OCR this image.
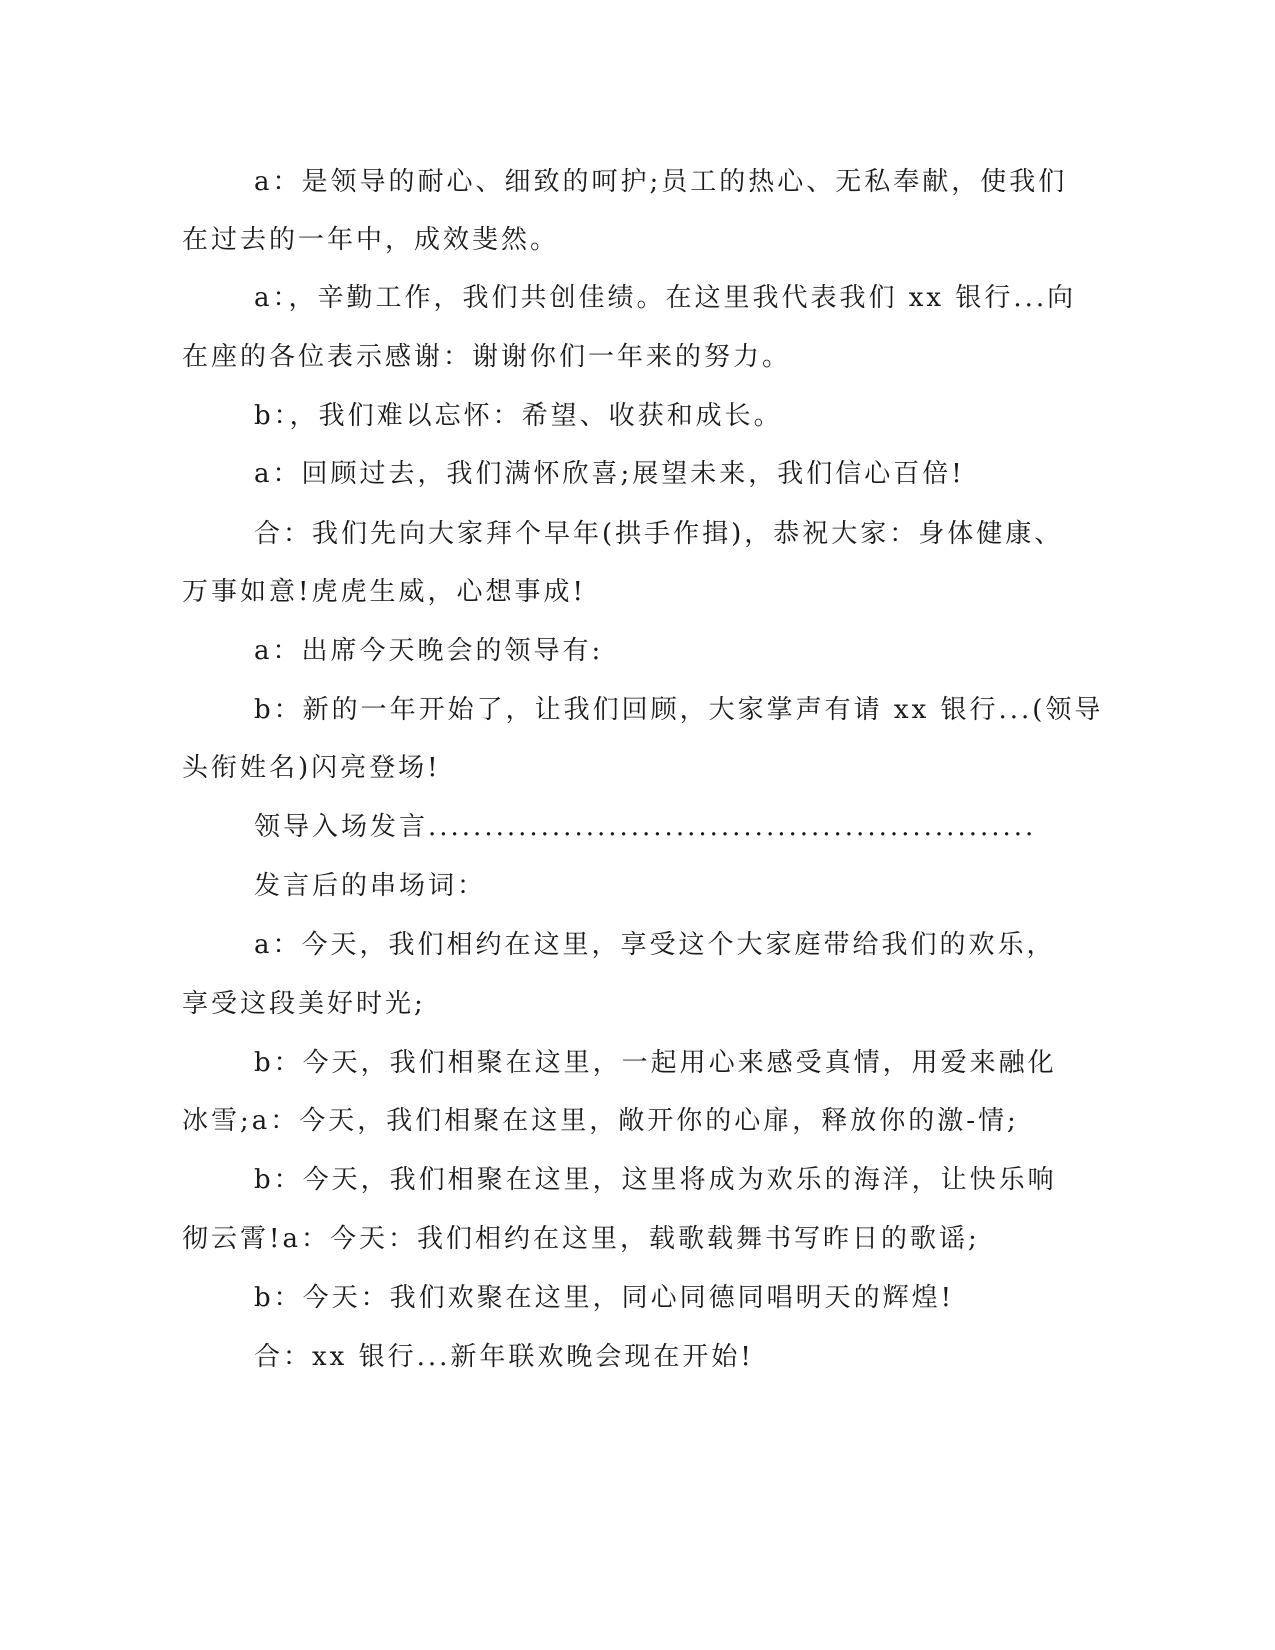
a：是领导的耐心、细致的呵护;员工的热心、无私奉献，使我们
在过去的一年中，成效斐然。
a：，辛勤工作，我们共创佳绩。在这里我代表我们 xx 银行...向
在座的各位表示感谢：谢谢你们一年来的努力。
b：，我们难以忘怀：希望、收获和成长。
a：回顾过去，我们满怀欣喜;展望未来，我们信心百倍!
合：我们先向大家拜个早年(拱手作揖)，恭祝大家：身体健康、
万事如意!虎虎生威，心想事成!
a：出席今天晚会的领导有:
b：新的一年开始了，让我们回顾，大家掌声有请 xx 银行...(领导
头衔姓名)闪亮登场!
领导入场发言......................................................
发言后的串场词：
a：今天，我们相约在这里，享受这个大家庭带给我们的欢乐，
享受这段美好时光;
b：今天，我们相聚在这里，一起用心来感受真情，用爱来融化
冰雪;a：今天，我们相聚在这里，敞开你的心扉，释放你的激-情;
b：今天，我们相聚在这里，这里将成为欢乐的海洋，让快乐响
彻云霄!a：今天：我们相约在这里，载歌载舞书写昨日的歌谣;
b：今天：我们欢聚在这里，同心同德同唱明天的辉煌!
合：xx 银行...新年联欢晚会现在开始!
